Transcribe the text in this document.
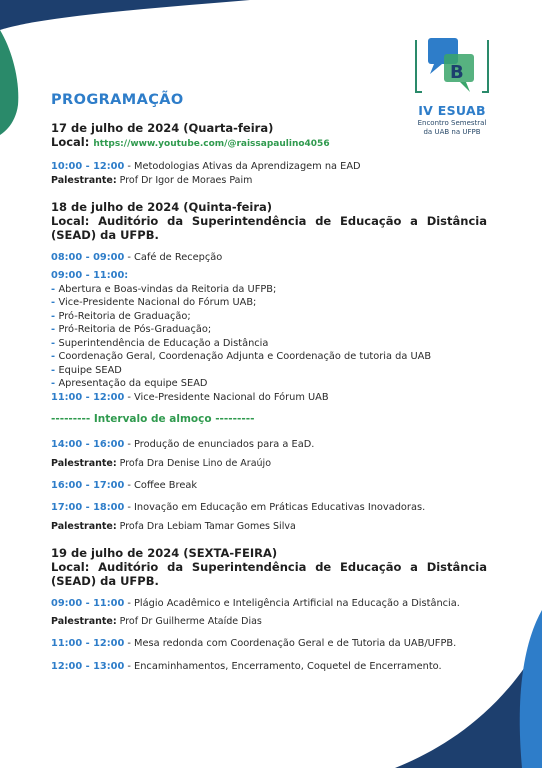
B
IV ESUAB
Encontro Semestral
da UAB na UFPB
PROGRAMAÇÃO
17 de julho de 2024 (Quarta-feira)
Local: https://www.youtube.com/@raissapaulino4056
10:00 - 12:00 - Metodologias Ativas da Aprendizagem na EAD
Palestrante: Prof Dr Igor de Moraes Paim
18 de julho de 2024 (Quinta-feira)
Local: Auditório da Superintendência de Educação a Distância (SEAD) da UFPB.
08:00 - 09:00 - Café de Recepção
09:00 - 11:00:
- Abertura e Boas-vindas da Reitoria da UFPB;
- Vice-Presidente Nacional do Fórum UAB;
- Pró-Reitoria de Graduação;
- Pró-Reitoria de Pós-Graduação;
- Superintendência de Educação a Distância
- Coordenação Geral, Coordenação Adjunta e Coordenação de tutoria da UAB
- Equipe SEAD
- Apresentação da equipe SEAD
11:00 - 12:00 - Vice-Presidente Nacional do Fórum UAB
--------- Intervalo de almoço ---------
14:00 - 16:00 - Produção de enunciados para a EaD.
Palestrante: Profa Dra Denise Lino de Araújo
16:00 - 17:00 - Coffee Break
17:00 - 18:00 - Inovação em Educação em Práticas Educativas Inovadoras.
Palestrante: Profa Dra Lebiam Tamar Gomes Silva
19 de julho de 2024 (SEXTA-FEIRA)
Local: Auditório da Superintendência de Educação a Distância (SEAD) da UFPB.
09:00 - 11:00 - Plágio Acadêmico e Inteligência Artificial na Educação a Distância.
Palestrante: Prof Dr Guilherme Ataíde Dias
11:00 - 12:00 - Mesa redonda com Coordenação Geral e de Tutoria da UAB/UFPB.
12:00 - 13:00 - Encaminhamentos, Encerramento, Coquetel de Encerramento.
